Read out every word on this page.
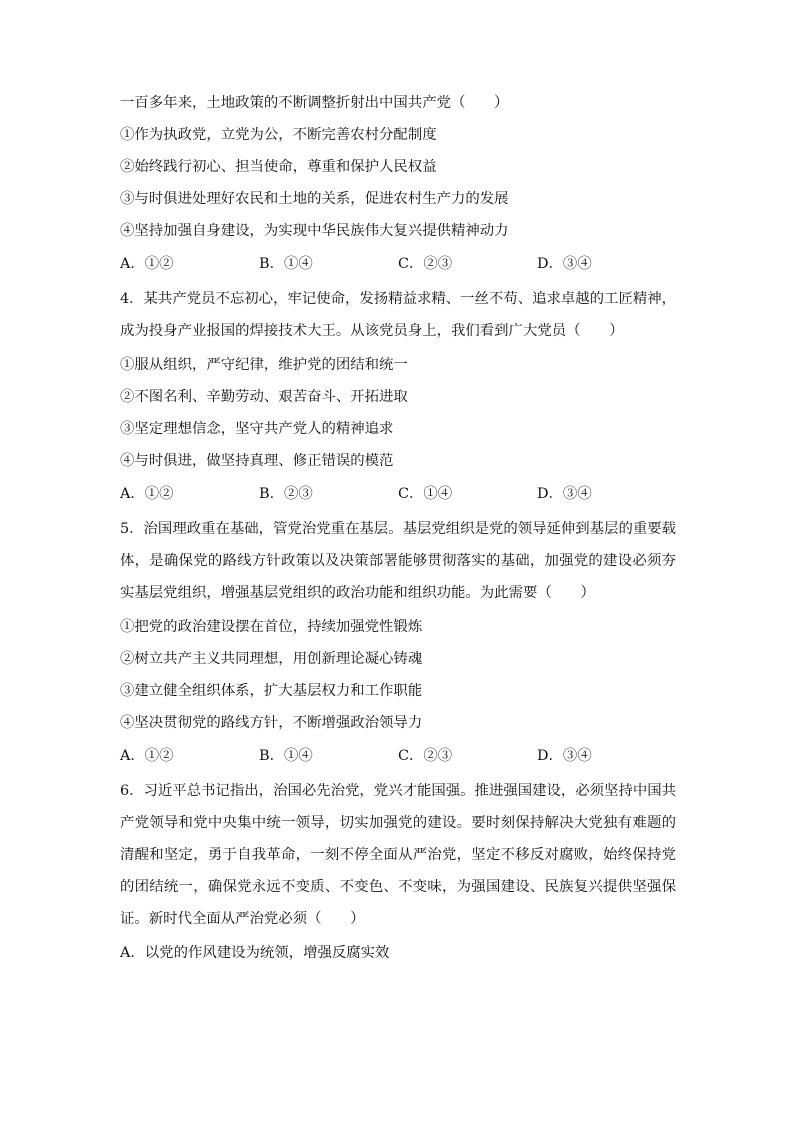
一百多年来，土地政策的不断调整折射出中国共产党（　　）
①作为执政党，立党为公，不断完善农村分配制度
②始终践行初心、担当使命，尊重和保护人民权益
③与时俱进处理好农民和土地的关系，促进农村生产力的发展
④坚持加强自身建设，为实现中华民族伟大复兴提供精神动力
A．①②	B．①④	C．②③	D．③④
4．某共产党员不忘初心，牢记使命，发扬精益求精、一丝不苟、追求卓越的工匠精神，成为投身产业报国的焊接技术大王。从该党员身上，我们看到广大党员（　　）
①服从组织，严守纪律，维护党的团结和统一
②不图名利、辛勤劳动、艰苦奋斗、开拓进取
③坚定理想信念，坚守共产党人的精神追求
④与时俱进，做坚持真理、修正错误的模范
A．①②	B．②③	C．①④	D．③④
5．治国理政重在基础，管党治党重在基层。基层党组织是党的领导延伸到基层的重要载体，是确保党的路线方针政策以及决策部署能够贯彻落实的基础，加强党的建设必须夯实基层党组织，增强基层党组织的政治功能和组织功能。为此需要（　　）
①把党的政治建设摆在首位，持续加强党性锻炼
②树立共产主义共同理想，用创新理论凝心铸魂
③建立健全组织体系，扩大基层权力和工作职能
④坚决贯彻党的路线方针，不断增强政治领导力
A．①②	B．①④	C．②③	D．③④
6．习近平总书记指出，治国必先治党，党兴才能国强。推进强国建设，必须坚持中国共产党领导和党中央集中统一领导，切实加强党的建设。要时刻保持解决大党独有难题的清醒和坚定，勇于自我革命，一刻不停全面从严治党，坚定不移反对腐败，始终保持党的团结统一，确保党永远不变质、不变色、不变味，为强国建设、民族复兴提供坚强保证。新时代全面从严治党必须（　　）
A．以党的作风建设为统领，增强反腐实效
